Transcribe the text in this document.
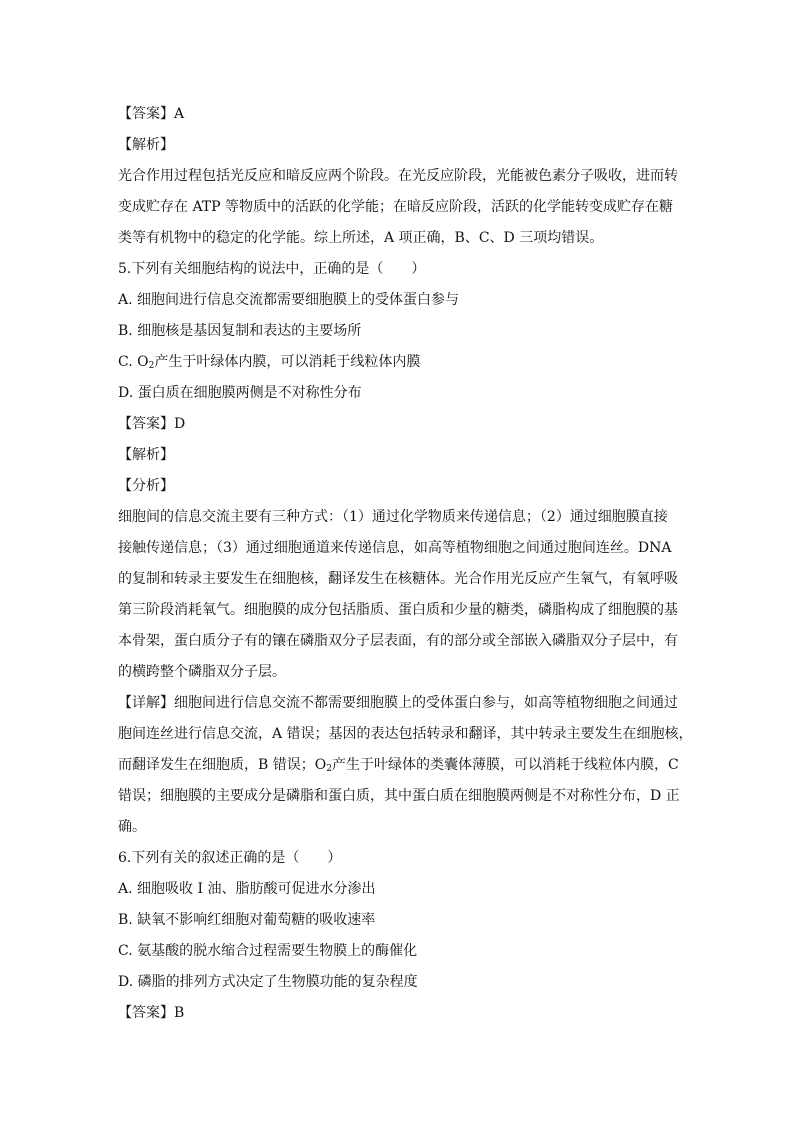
【答案】A
【解析】
光合作用过程包括光反应和暗反应两个阶段。在光反应阶段，光能被色素分子吸收，进而转
变成贮存在 ATP 等物质中的活跃的化学能；在暗反应阶段，活跃的化学能转变成贮存在糖
类等有机物中的稳定的化学能。综上所述，A 项正确，B、C、D 三项均错误。
5.下列有关细胞结构的说法中，正确的是（　　）
A. 细胞间进行信息交流都需要细胞膜上的受体蛋白参与
B. 细胞核是基因复制和表达的主要场所
C. $O_2$产生于叶绿体内膜，可以消耗于线粒体内膜
D. 蛋白质在细胞膜两侧是不对称性分布
【答案】D
【解析】
【分析】
细胞间的信息交流主要有三种方式：（1）通过化学物质来传递信息；（2）通过细胞膜直接
接触传递信息；（3）通过细胞通道来传递信息，如高等植物细胞之间通过胞间连丝。DNA
的复制和转录主要发生在细胞核，翻译发生在核糖体。光合作用光反应产生氧气，有氧呼吸
第三阶段消耗氧气。细胞膜的成分包括脂质、蛋白质和少量的糖类，磷脂构成了细胞膜的基
本骨架，蛋白质分子有的镶在磷脂双分子层表面，有的部分或全部嵌入磷脂双分子层中，有
的横跨整个磷脂双分子层。
【详解】细胞间进行信息交流不都需要细胞膜上的受体蛋白参与，如高等植物细胞之间通过
胞间连丝进行信息交流，A 错误；基因的表达包括转录和翻译，其中转录主要发生在细胞核，
而翻译发生在细胞质，B 错误；$O_2$产生于叶绿体的类囊体薄膜，可以消耗于线粒体内膜，C
错误；细胞膜的主要成分是磷脂和蛋白质，其中蛋白质在细胞膜两侧是不对称性分布，D 正
确。
6.下列有关的叙述正确的是（　　）
A. 细胞吸收 I 油、脂肪酸可促进水分渗出
B. 缺氧不影响红细胞对葡萄糖的吸收速率
C. 氨基酸的脱水缩合过程需要生物膜上的酶催化
D. 磷脂的排列方式决定了生物膜功能的复杂程度
【答案】B
